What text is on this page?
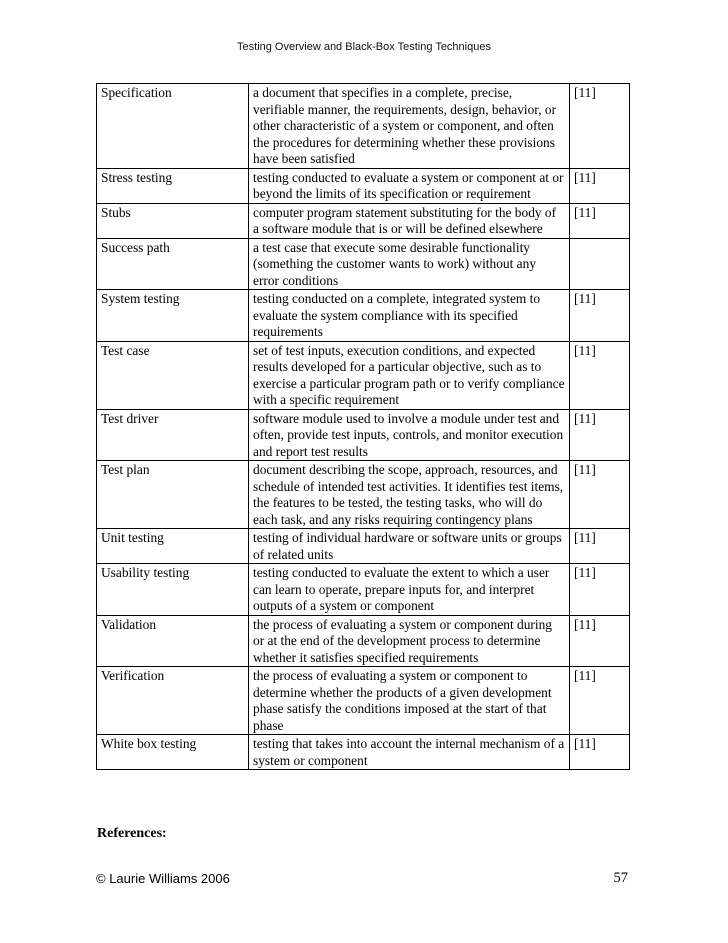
Testing Overview and Black-Box Testing Techniques
Specification	a document that specifies in a complete, precise, verifiable manner, the requirements, design, behavior, or other characteristic of a system or component, and often the procedures for determining whether these provisions have been satisfied	[11]
Stress testing	testing conducted to evaluate a system or component at or beyond the limits of its specification or requirement	[11]
Stubs	computer program statement substituting for the body of a software module that is or will be defined elsewhere	[11]
Success path	a test case that execute some desirable functionality (something the customer wants to work) without any error conditions	
System testing	testing conducted on a complete, integrated system to evaluate the system compliance with its specified requirements	[11]
Test case	set of test inputs, execution conditions, and expected results developed for a particular objective, such as to exercise a particular program path or to verify compliance with a specific requirement	[11]
Test driver	software module used to involve a module under test and often, provide test inputs, controls, and monitor execution and report test results	[11]
Test plan	document describing the scope, approach, resources, and schedule of intended test activities. It identifies test items, the features to be tested, the testing tasks, who will do each task, and any risks requiring contingency plans	[11]
Unit testing	testing of individual hardware or software units or groups of related units	[11]
Usability testing	testing conducted to evaluate the extent to which a user can learn to operate, prepare inputs for, and interpret outputs of a system or component	[11]
Validation	the process of evaluating a system or component during or at the end of the development process to determine whether it satisfies specified requirements	[11]
Verification	the process of evaluating a system or component to determine whether the products of a given development phase satisfy the conditions imposed at the start of that phase	[11]
White box testing	testing that takes into account the internal mechanism of a system or component	[11]
References:
© Laurie Williams 2006	57
